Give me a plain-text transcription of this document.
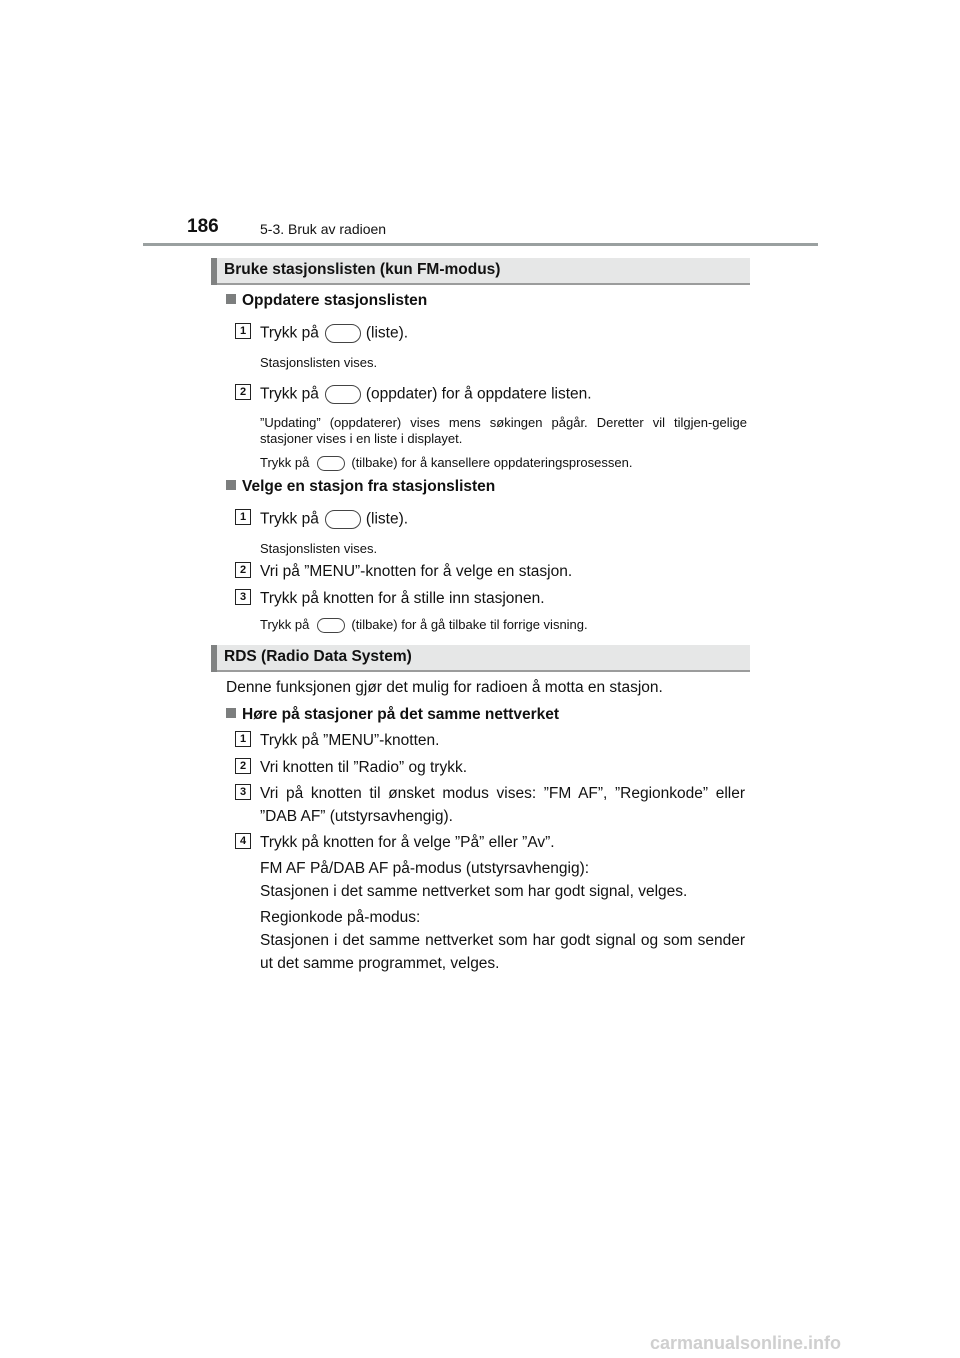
186	5-3. Bruk av radioen
Bruke stasjonslisten (kun FM-modus)
Oppdatere stasjonslisten
1 Trykk på	(liste).
Stasjonslisten vises.
2 Trykk på	(oppdater) for å oppdatere listen.
”Updating” (oppdaterer) vises mens søkingen pågår. Deretter vil tilgjen-gelige stasjoner vises i en liste i displayet.
Trykk på	(tilbake) for å kansellere oppdateringsprosessen.
Velge en stasjon fra stasjonslisten
1 Trykk på	(liste).
Stasjonslisten vises.
2 Vri på ”MENU”-knotten for å velge en stasjon.
3 Trykk på knotten for å stille inn stasjonen.
Trykk på	(tilbake) for å gå tilbake til forrige visning.
RDS (Radio Data System)
Denne funksjonen gjør det mulig for radioen å motta en stasjon.
Høre på stasjoner på det samme nettverket
1 Trykk på ”MENU”-knotten.
2 Vri knotten til ”Radio” og trykk.
3 Vri på knotten til ønsket modus vises: ”FM AF”, ”Regionkode” eller ”DAB AF” (utstyrsavhengig).
4 Trykk på knotten for å velge ”På” eller ”Av”.
FM AF På/DAB AF på-modus (utstyrsavhengig):
Stasjonen i det samme nettverket som har godt signal, velges.
Regionkode på-modus:
Stasjonen i det samme nettverket som har godt signal og som sender ut det samme programmet, velges.
carmanualsonline.info
